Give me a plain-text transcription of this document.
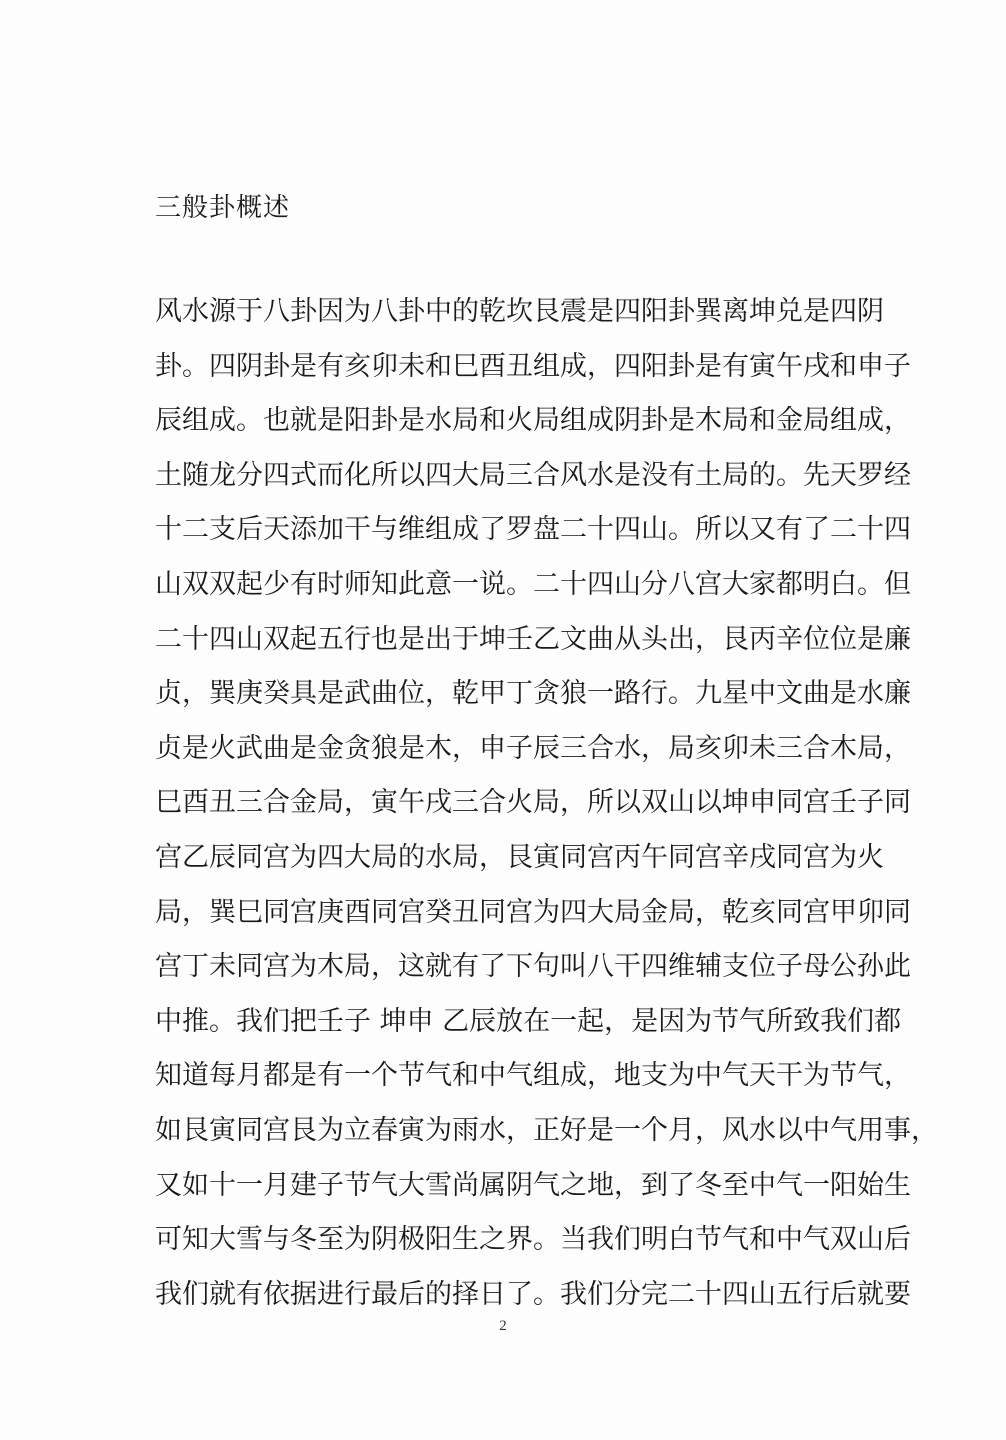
三般卦概述
风水源于八卦因为八卦中的乾坎艮震是四阳卦巽离坤兑是四阴
卦。四阴卦是有亥卯未和巳酉丑组成，四阳卦是有寅午戌和申子
辰组成。也就是阳卦是水局和火局组成阴卦是木局和金局组成，
土随龙分四式而化所以四大局三合风水是没有土局的。先天罗经
十二支后天添加干与维组成了罗盘二十四山。所以又有了二十四
山双双起少有时师知此意一说。二十四山分八宫大家都明白。但
二十四山双起五行也是出于坤壬乙文曲从头出，艮丙辛位位是廉
贞，巽庚癸具是武曲位，乾甲丁贪狼一路行。九星中文曲是水廉
贞是火武曲是金贪狼是木，申子辰三合水，局亥卯未三合木局，
巳酉丑三合金局，寅午戌三合火局，所以双山以坤申同宫壬子同
宫乙辰同宫为四大局的水局，艮寅同宫丙午同宫辛戌同宫为火
局，巽巳同宫庚酉同宫癸丑同宫为四大局金局，乾亥同宫甲卯同
宫丁未同宫为木局，这就有了下句叫八干四维辅支位子母公孙此
中推。我们把壬子 坤申 乙辰放在一起，是因为节气所致我们都
知道每月都是有一个节气和中气组成，地支为中气天干为节气，
如艮寅同宫艮为立春寅为雨水，正好是一个月，风水以中气用事，
又如十一月建子节气大雪尚属阴气之地，到了冬至中气一阳始生
可知大雪与冬至为阴极阳生之界。当我们明白节气和中气双山后
我们就有依据进行最后的择日了。我们分完二十四山五行后就要
2
